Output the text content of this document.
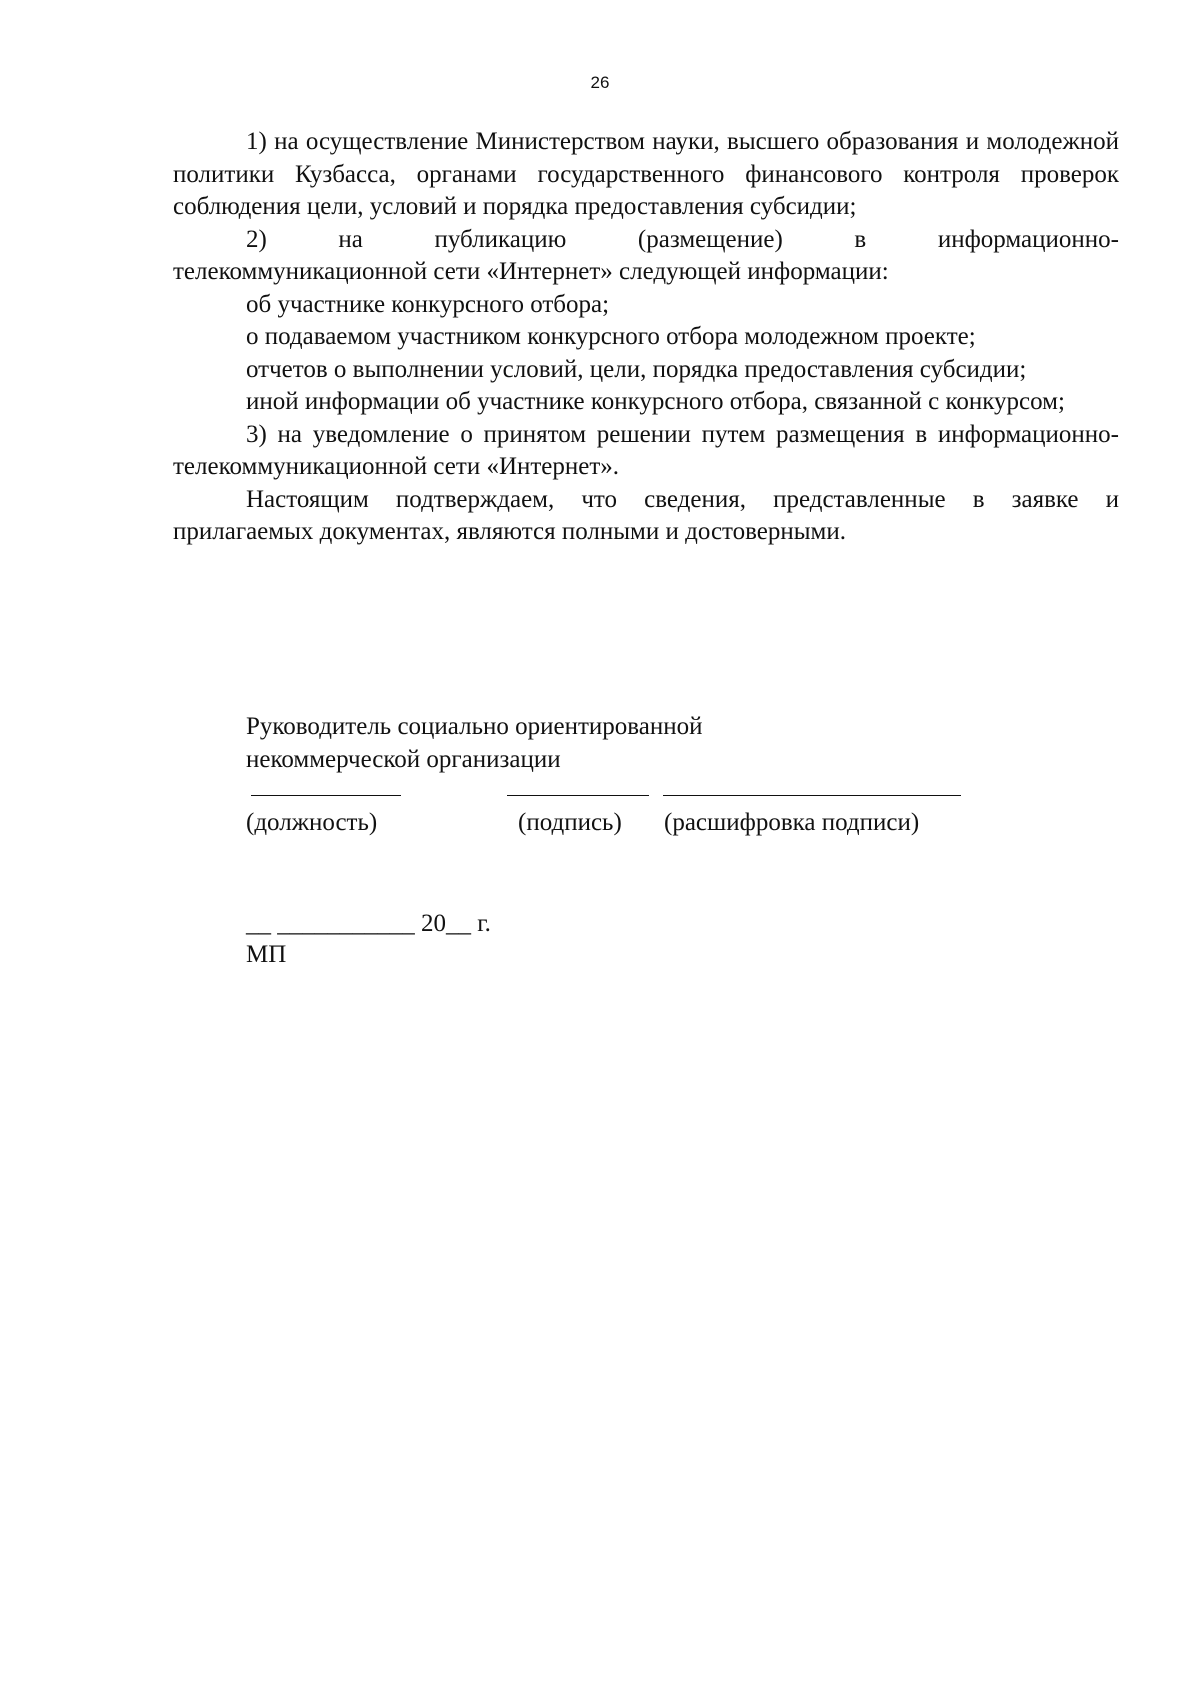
26

1) на осуществление Министерством науки, высшего образования и молодежной политики Кузбасса, органами государственного финансового контроля проверок соблюдения цели, условий и порядка предоставления субсидии;

2) на публикацию (размещение) в информационно-

телекоммуникационной сети «Интернет» следующей информации:

об участнике конкурсного отбора;

о подаваемом участником конкурсного отбора молодежном проекте;

отчетов о выполнении условий, цели, порядка предоставления субсидии;

иной информации об участнике конкурсного отбора, связанной с конкурсом;

3) на уведомление о принятом решении путем размещения в информационно-телекоммуникационной сети «Интернет».

Настоящим подтверждаем, что сведения, представленные в заявке и прилагаемых документах, являются полными и достоверными.

Руководитель социально ориентированной

некоммерческой организации

(должность)	(подпись) (расшифровка подписи)
__ ___________ 20__ г.
МП
